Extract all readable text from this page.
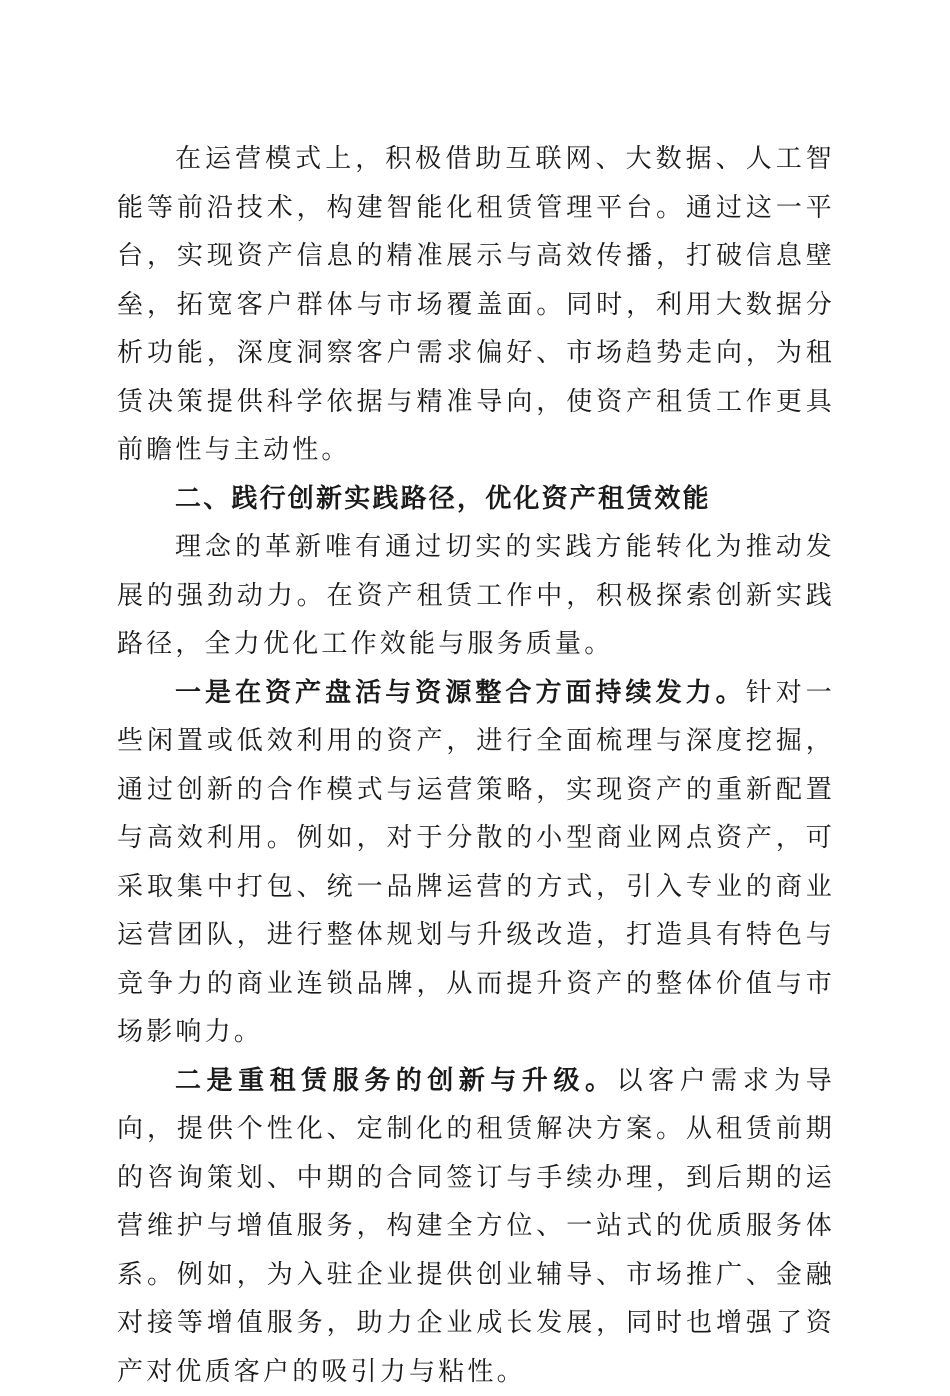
在运营模式上，积极借助互联网、大数据、人工智能等前沿技术，构建智能化租赁管理平台。通过这一平台，实现资产信息的精准展示与高效传播，打破信息壁垒，拓宽客户群体与市场覆盖面。同时，利用大数据分析功能，深度洞察客户需求偏好、市场趋势走向，为租赁决策提供科学依据与精准导向，使资产租赁工作更具前瞻性与主动性。

二、践行创新实践路径，优化资产租赁效能

理念的革新唯有通过切实的实践方能转化为推动发展的强劲动力。在资产租赁工作中，积极探索创新实践路径，全力优化工作效能与服务质量。

一是在资产盘活与资源整合方面持续发力。针对一些闲置或低效利用的资产，进行全面梳理与深度挖掘，通过创新的合作模式与运营策略，实现资产的重新配置与高效利用。例如，对于分散的小型商业网点资产，可采取集中打包、统一品牌运营的方式，引入专业的商业运营团队，进行整体规划与升级改造，打造具有特色与竞争力的商业连锁品牌，从而提升资产的整体价值与市场影响力。

二是重租赁服务的创新与升级。以客户需求为导向，提供个性化、定制化的租赁解决方案。从租赁前期的咨询策划、中期的合同签订与手续办理，到后期的运营维护与增值服务，构建全方位、一站式的优质服务体系。例如，为入驻企业提供创业辅导、市场推广、金融对接等增值服务，助力企业成长发展，同时也增强了资产对优质客户的吸引力与粘性。
